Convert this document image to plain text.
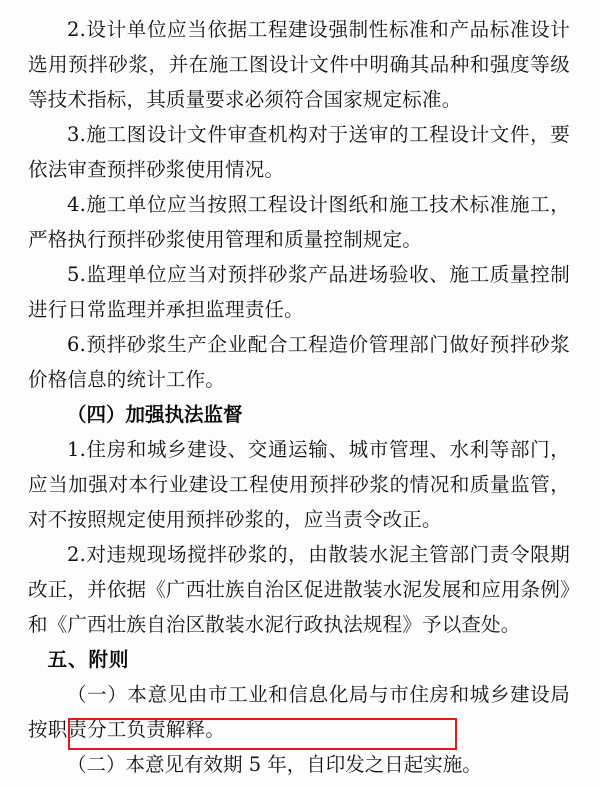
2.设计单位应当依据工程建设强制性标准和产品标准设计选用预拌砂浆，并在施工图设计文件中明确其品种和强度等级等技术指标，其质量要求必须符合国家规定标准。

3.施工图设计文件审查机构对于送审的工程设计文件，要依法审查预拌砂浆使用情况。

4.施工单位应当按照工程设计图纸和施工技术标准施工，严格执行预拌砂浆使用管理和质量控制规定。

5.监理单位应当对预拌砂浆产品进场验收、施工质量控制进行日常监理并承担监理责任。

6.预拌砂浆生产企业配合工程造价管理部门做好预拌砂浆价格信息的统计工作。

（四）加强执法监督

1.住房和城乡建设、交通运输、城市管理、水利等部门，应当加强对本行业建设工程使用预拌砂浆的情况和质量监管，对不按照规定使用预拌砂浆的，应当责令改正。

2.对违规现场搅拌砂浆的，由散装水泥主管部门责令限期改正，并依据《广西壮族自治区促进散装水泥发展和应用条例》和《广西壮族自治区散装水泥行政执法规程》予以查处。

五、附则

（一）本意见由市工业和信息化局与市住房和城乡建设局按职责分工负责解释。

（二）本意见有效期 5 年，自印发之日起实施。
